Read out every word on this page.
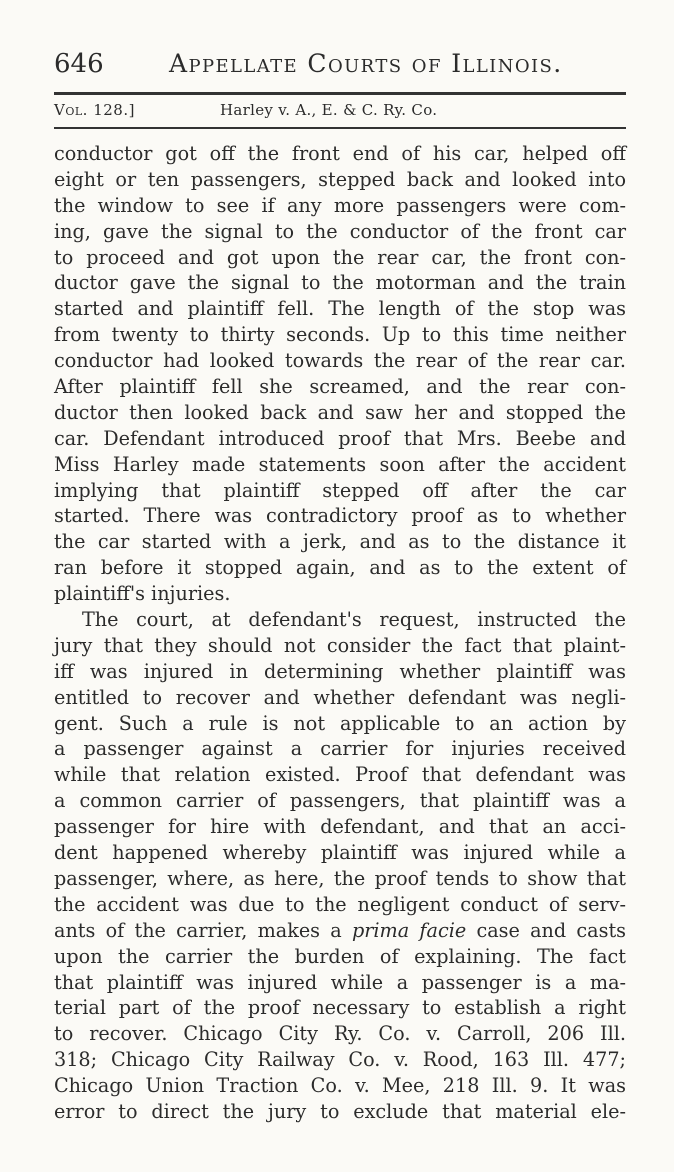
646	Appellate Courts of Illinois.
Vol. 128.]	Harley v. A., E. & C. Ry. Co.
conductor got off the front end of his car, helped off
eight or ten passengers, stepped back and looked into
the window to see if any more passengers were com-
ing, gave the signal to the conductor of the front car
to proceed and got upon the rear car, the front con-
ductor gave the signal to the motorman and the train
started and plaintiff fell. The length of the stop was
from twenty to thirty seconds. Up to this time neither
conductor had looked towards the rear of the rear car.
After plaintiff fell she screamed, and the rear con-
ductor then looked back and saw her and stopped the
car. Defendant introduced proof that Mrs. Beebe and
Miss Harley made statements soon after the accident
implying that plaintiff stepped off after the car
started. There was contradictory proof as to whether
the car started with a jerk, and as to the distance it
ran before it stopped again, and as to the extent of
plaintiff's injuries.
The court, at defendant's request, instructed the
jury that they should not consider the fact that plaint-
iff was injured in determining whether plaintiff was
entitled to recover and whether defendant was negli-
gent. Such a rule is not applicable to an action by
a passenger against a carrier for injuries received
while that relation existed. Proof that defendant was
a common carrier of passengers, that plaintiff was a
passenger for hire with defendant, and that an acci-
dent happened whereby plaintiff was injured while a
passenger, where, as here, the proof tends to show that
the accident was due to the negligent conduct of serv-
ants of the carrier, makes a prima facie case and casts
upon the carrier the burden of explaining. The fact
that plaintiff was injured while a passenger is a ma-
terial part of the proof necessary to establish a right
to recover. Chicago City Ry. Co. v. Carroll, 206 Ill.
318; Chicago City Railway Co. v. Rood, 163 Ill. 477;
Chicago Union Traction Co. v. Mee, 218 Ill. 9. It was
error to direct the jury to exclude that material ele-
